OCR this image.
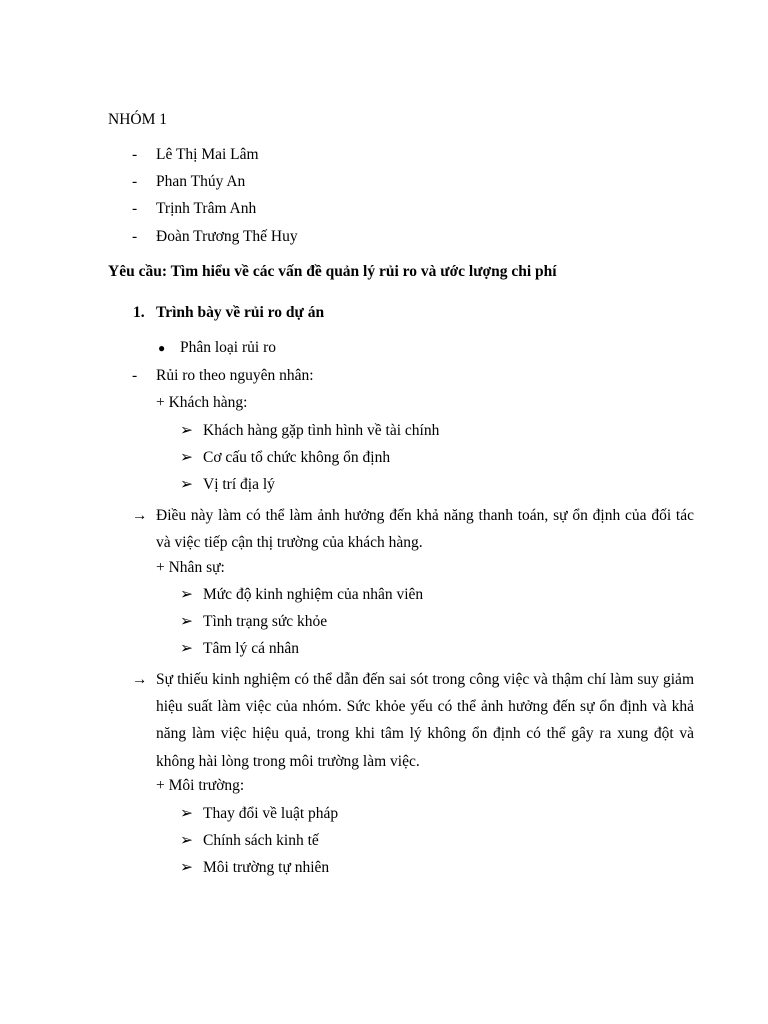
NHÓM 1
- Lê Thị Mai Lâm
- Phan Thúy An
- Trịnh Trâm Anh
- Đoàn Trương Thế Huy
Yêu cầu: Tìm hiểu về các vấn đề quản lý rủi ro và ước lượng chi phí
1. Trình bày về rủi ro dự án
● Phân loại rủi ro
- Rủi ro theo nguyên nhân:
+ Khách hàng:
➢ Khách hàng gặp tình hình về tài chính
➢ Cơ cấu tổ chức không ổn định
➢ Vị trí địa lý
→ Điều này làm có thể làm ảnh hưởng đến khả năng thanh toán, sự ổn định của đối tác và việc tiếp cận thị trường của khách hàng.
+ Nhân sự:
➢ Mức độ kinh nghiệm của nhân viên
➢ Tình trạng sức khỏe
➢ Tâm lý cá nhân
→ Sự thiếu kinh nghiệm có thể dẫn đến sai sót trong công việc và thậm chí làm suy giảm hiệu suất làm việc của nhóm. Sức khỏe yếu có thể ảnh hưởng đến sự ổn định và khả năng làm việc hiệu quả, trong khi tâm lý không ổn định có thể gây ra xung đột và không hài lòng trong môi trường làm việc.
+ Môi trường:
➢ Thay đổi về luật pháp
➢ Chính sách kinh tế
➢ Môi trường tự nhiên
